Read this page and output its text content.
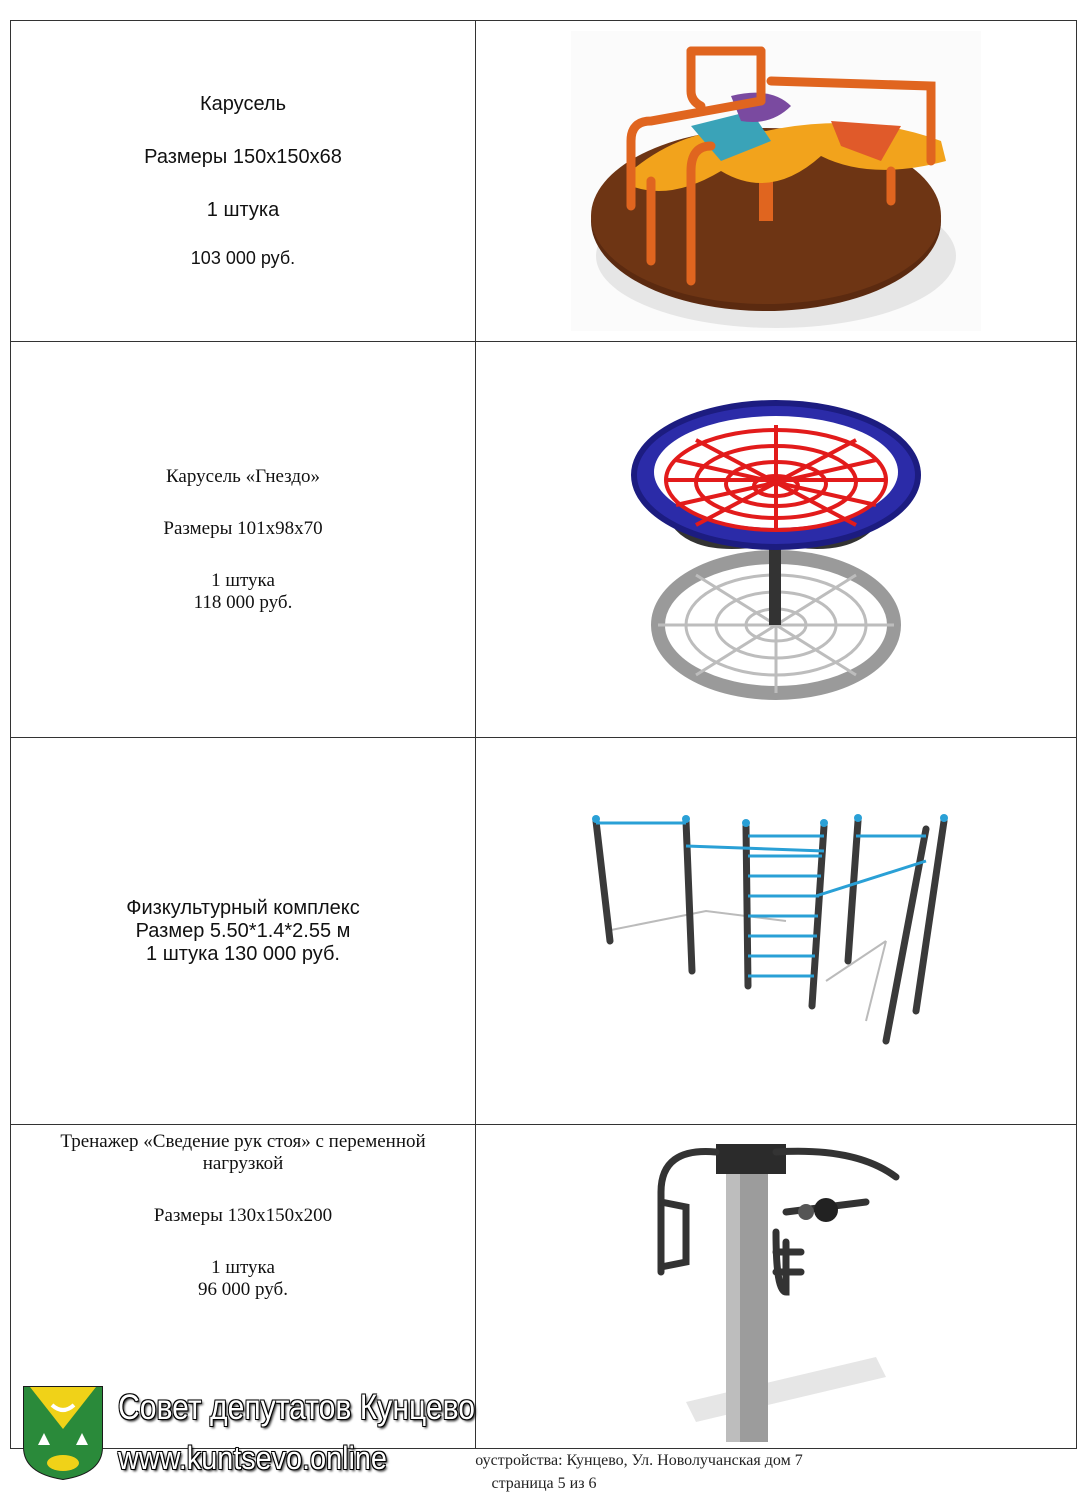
Карусель

Размеры 150х150х68

1 штука

103 000 руб.

Карусель «Гнездо»

Размеры 101х98х70

1 штука

118 000 руб.

Физкультурный комплекс

Размер 5.50*1.4*2.55 м

1 штука 130 000 руб.

Тренажер «Сведение рук стоя» с переменной

нагрузкой

Размеры 130х150х200

1 штука

96 000 руб.

Совет депутатов Кунцево
www.kuntsevo.online	оустройства: Кунцево, Ул. Новолучанская дом 7
страница 5 из 6
